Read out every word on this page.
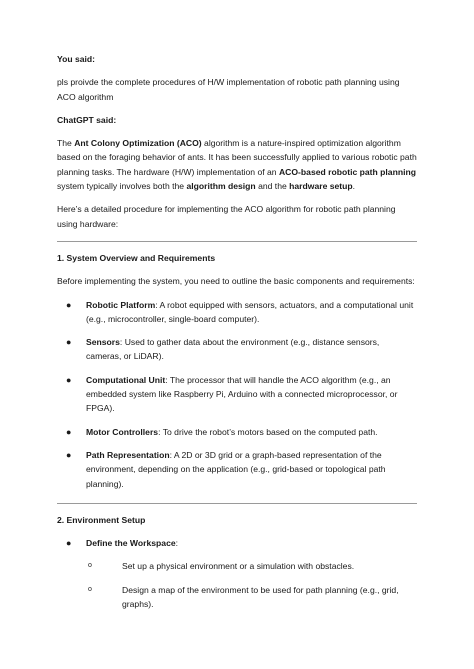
You said:

pls proivde the complete procedures of H/W implementation of robotic path planning using ACO algorithm

ChatGPT said:

The Ant Colony Optimization (ACO) algorithm is a nature-inspired optimization algorithm based on the foraging behavior of ants. It has been successfully applied to various robotic path planning tasks. The hardware (H/W) implementation of an ACO-based robotic path planning system typically involves both the algorithm design and the hardware setup.

Here’s a detailed procedure for implementing the ACO algorithm for robotic path planning using hardware:

1. System Overview and Requirements

Before implementing the system, you need to outline the basic components and requirements:

● Robotic Platform: A robot equipped with sensors, actuators, and a computational unit (e.g., microcontroller, single-board computer).
● Sensors: Used to gather data about the environment (e.g., distance sensors, cameras, or LiDAR).
● Computational Unit: The processor that will handle the ACO algorithm (e.g., an embedded system like Raspberry Pi, Arduino with a connected microprocessor, or FPGA).
● Motor Controllers: To drive the robot’s motors based on the computed path.
● Path Representation: A 2D or 3D grid or a graph-based representation of the environment, depending on the application (e.g., grid-based or topological path planning).

2. Environment Setup

● Define the Workspace:
o	Set up a physical environment or a simulation with obstacles.
o	Design a map of the environment to be used for path planning (e.g., grid, graphs).
